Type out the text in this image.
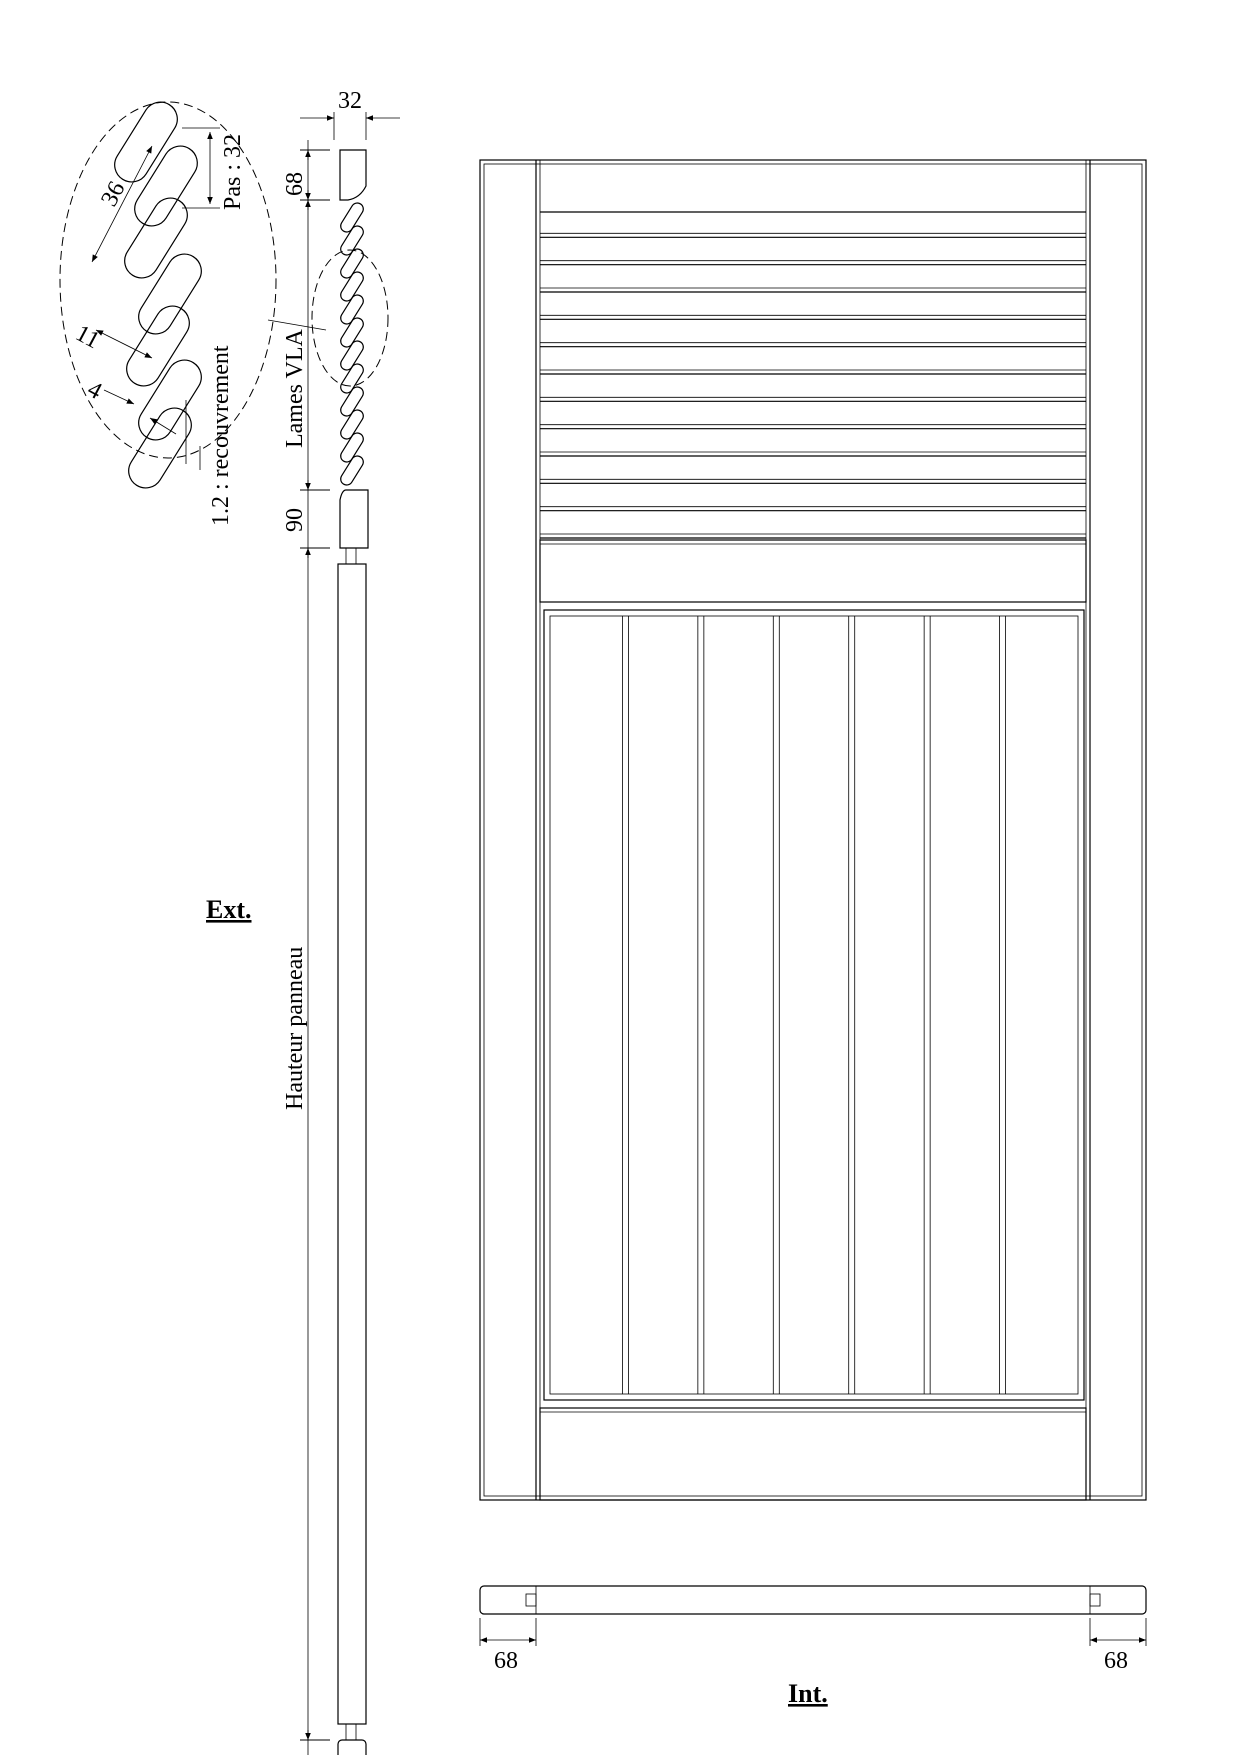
Pas : 32
36
11
4	1.2 : recouvrement
32
68
Lames VLA
90
Hauteur panneau
Ext.
68	68
Int.
